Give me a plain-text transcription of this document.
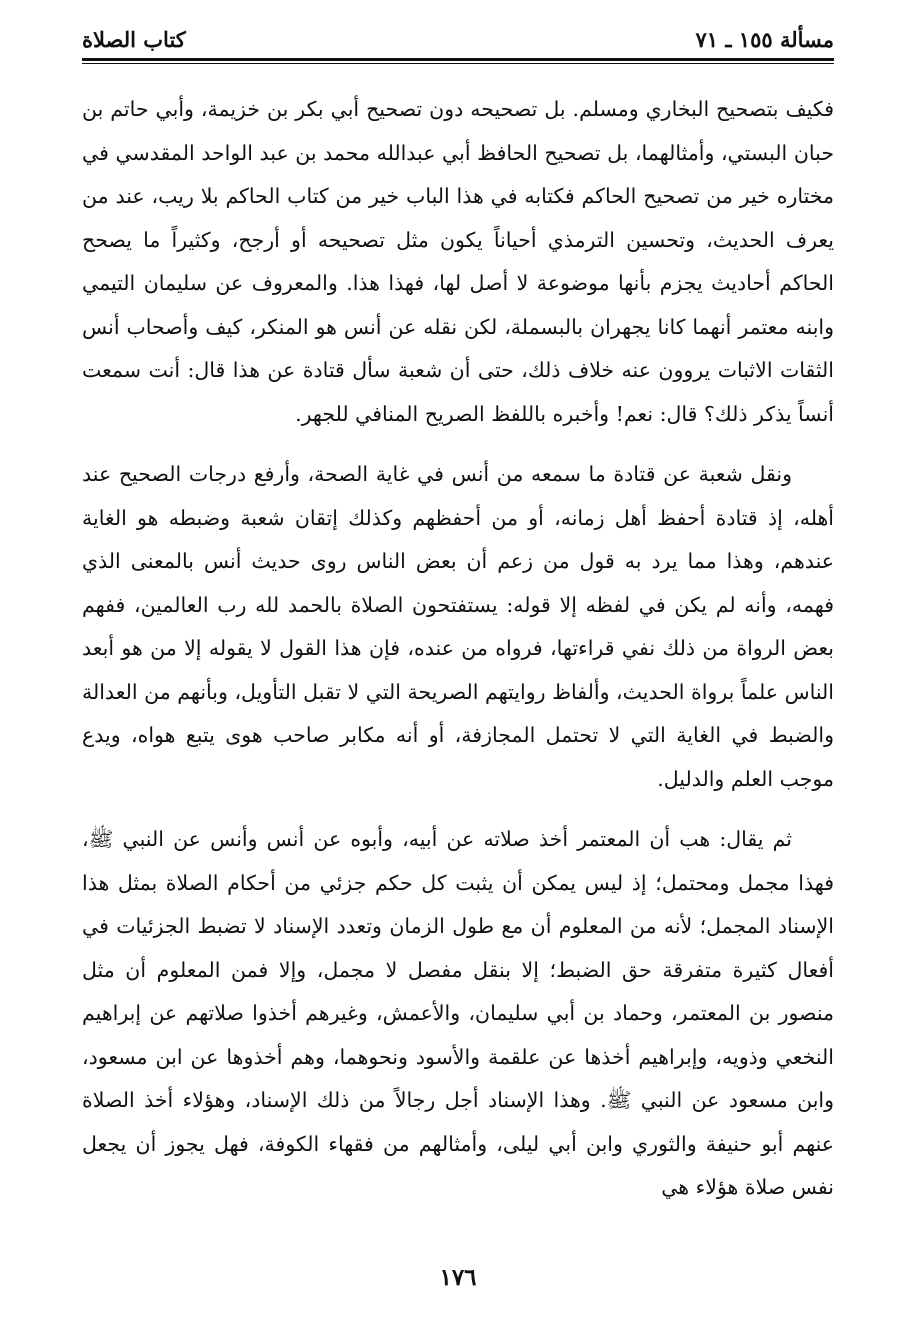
مسألة ١٥٥ ـ ٧١
كتاب الصلاة

فكيف بتصحيح البخاري ومسلم. بل تصحيحه دون تصحيح أبي بكر بن خزيمة، وأبي حاتم بن حبان البستي، وأمثالهما، بل تصحيح الحافظ أبي عبدالله محمد بن عبد الواحد المقدسي في مختاره خير من تصحيح الحاكم فكتابه في هذا الباب خير من كتاب الحاكم بلا ريب، عند من يعرف الحديث، وتحسين الترمذي أحياناً يكون مثل تصحيحه أو أرجح، وكثيراً ما يصحح الحاكم أحاديث يجزم بأنها موضوعة لا أصل لها، فهذا هذا. والمعروف عن سليمان التيمي وابنه معتمر أنهما كانا يجهران بالبسملة، لكن نقله عن أنس هو المنكر، كيف وأصحاب أنس الثقات الاثبات يروون عنه خلاف ذلك، حتى أن شعبة سأل قتادة عن هذا قال: أنت سمعت أنساً يذكر ذلك؟ قال: نعم! وأخبره باللفظ الصريح المنافي للجهر.

ونقل شعبة عن قتادة ما سمعه من أنس في غاية الصحة، وأرفع درجات الصحيح عند أهله، إذ قتادة أحفظ أهل زمانه، أو من أحفظهم وكذلك إتقان شعبة وضبطه هو الغاية عندهم، وهذا مما يرد به قول من زعم أن بعض الناس روى حديث أنس بالمعنى الذي فهمه، وأنه لم يكن في لفظه إلا قوله: يستفتحون الصلاة بالحمد لله رب العالمين، ففهم بعض الرواة من ذلك نفي قراءتها، فرواه من عنده، فإن هذا القول لا يقوله إلا من هو أبعد الناس علماً برواة الحديث، وألفاظ روايتهم الصريحة التي لا تقبل التأويل، وبأنهم من العدالة والضبط في الغاية التي لا تحتمل المجازفة، أو أنه مكابر صاحب هوى يتبع هواه، ويدع موجب العلم والدليل.

ثم يقال: هب أن المعتمر أخذ صلاته عن أبيه، وأبوه عن أنس وأنس عن النبي ﷺ، فهذا مجمل ومحتمل؛ إذ ليس يمكن أن يثبت كل حكم جزئي من أحكام الصلاة بمثل هذا الإسناد المجمل؛ لأنه من المعلوم أن مع طول الزمان وتعدد الإسناد لا تضبط الجزئيات في أفعال كثيرة متفرقة حق الضبط؛ إلا بنقل مفصل لا مجمل، وإلا فمن المعلوم أن مثل منصور بن المعتمر، وحماد بن أبي سليمان، والأعمش، وغيرهم أخذوا صلاتهم عن إبراهيم النخعي وذويه، وإبراهيم أخذها عن علقمة والأسود ونحوهما، وهم أخذوها عن ابن مسعود، وابن مسعود عن النبي ﷺ. وهذا الإسناد أجل رجالاً من ذلك الإسناد، وهؤلاء أخذ الصلاة عنهم أبو حنيفة والثوري وابن أبي ليلى، وأمثالهم من فقهاء الكوفة، فهل يجوز أن يجعل نفس صلاة هؤلاء هي

١٧٦
